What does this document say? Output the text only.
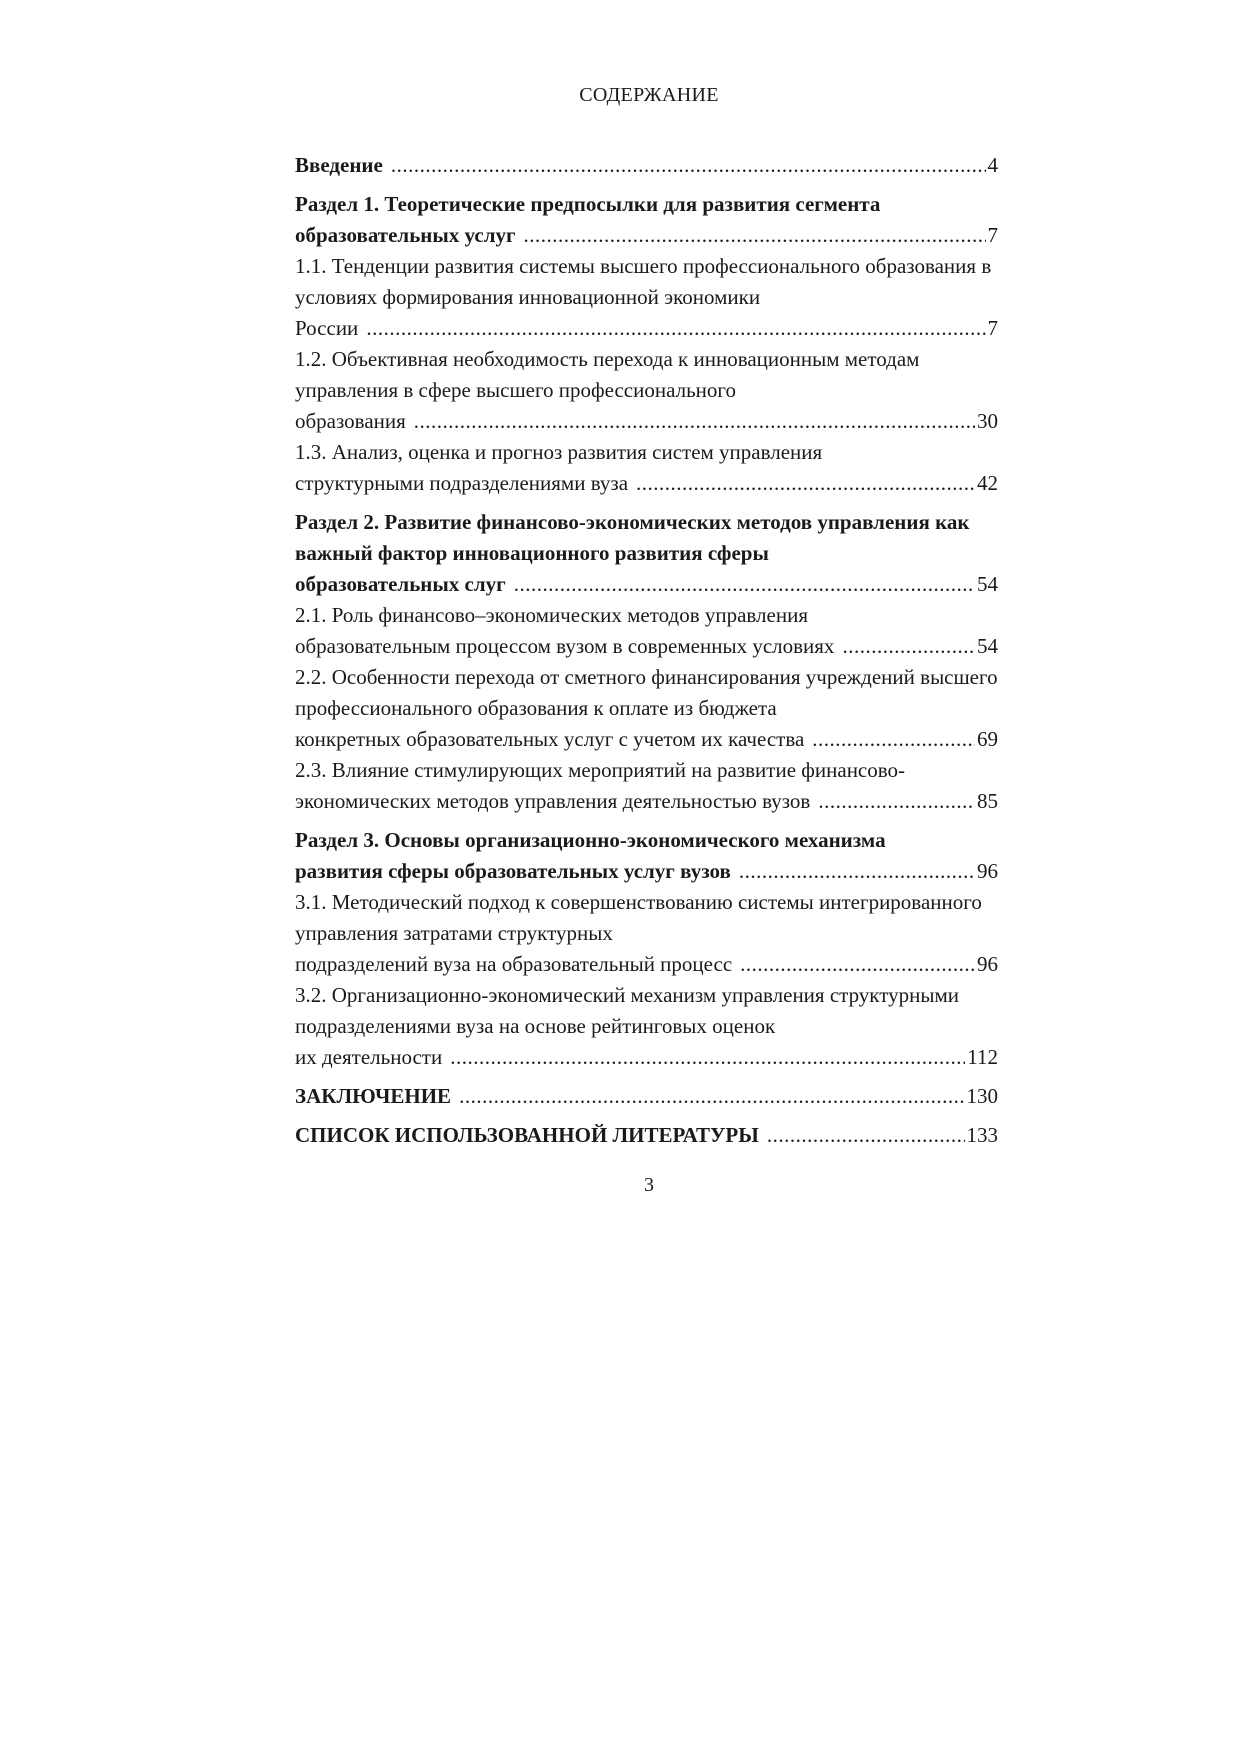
СОДЕРЖАНИЕ
Введение .....	4
Раздел 1. Теоретические предпосылки для развития сегмента
образовательных услуг .....	7
1.1. Тенденции развития системы высшего профессионального образования в условиях формирования инновационной экономики
России .....	7
1.2. Объективная необходимость перехода к инновационным методам управления в сфере высшего профессионального
образования .....	30
1.3. Анализ, оценка и прогноз развития систем управления
структурными подразделениями вуза .....	42
Раздел 2. Развитие финансово-экономических методов управления как важный фактор инновационного развития сферы
образовательных слуг .....	54
2.1. Роль финансово–экономических методов управления
образовательным процессом вузом в современных условиях .....	54
2.2. Особенности перехода от сметного финансирования учреждений высшего профессионального образования к оплате из бюджета
конкретных образовательных услуг с учетом их качества .....	69
2.3. Влияние стимулирующих мероприятий на развитие финансово-
экономических методов управления деятельностью вузов .....	85
Раздел 3. Основы организационно-экономического механизма
развития сферы образовательных услуг вузов .....	96
3.1. Методический подход к совершенствованию системы интегрированного управления затратами структурных
подразделений вуза на образовательный процесс .....	96
3.2. Организационно-экономический механизм управления структурными подразделениями вуза на основе рейтинговых оценок
их деятельности .....	112
ЗАКЛЮЧЕНИЕ .....	130
СПИСОК ИСПОЛЬЗОВАННОЙ ЛИТЕРАТУРЫ .....	133
3
